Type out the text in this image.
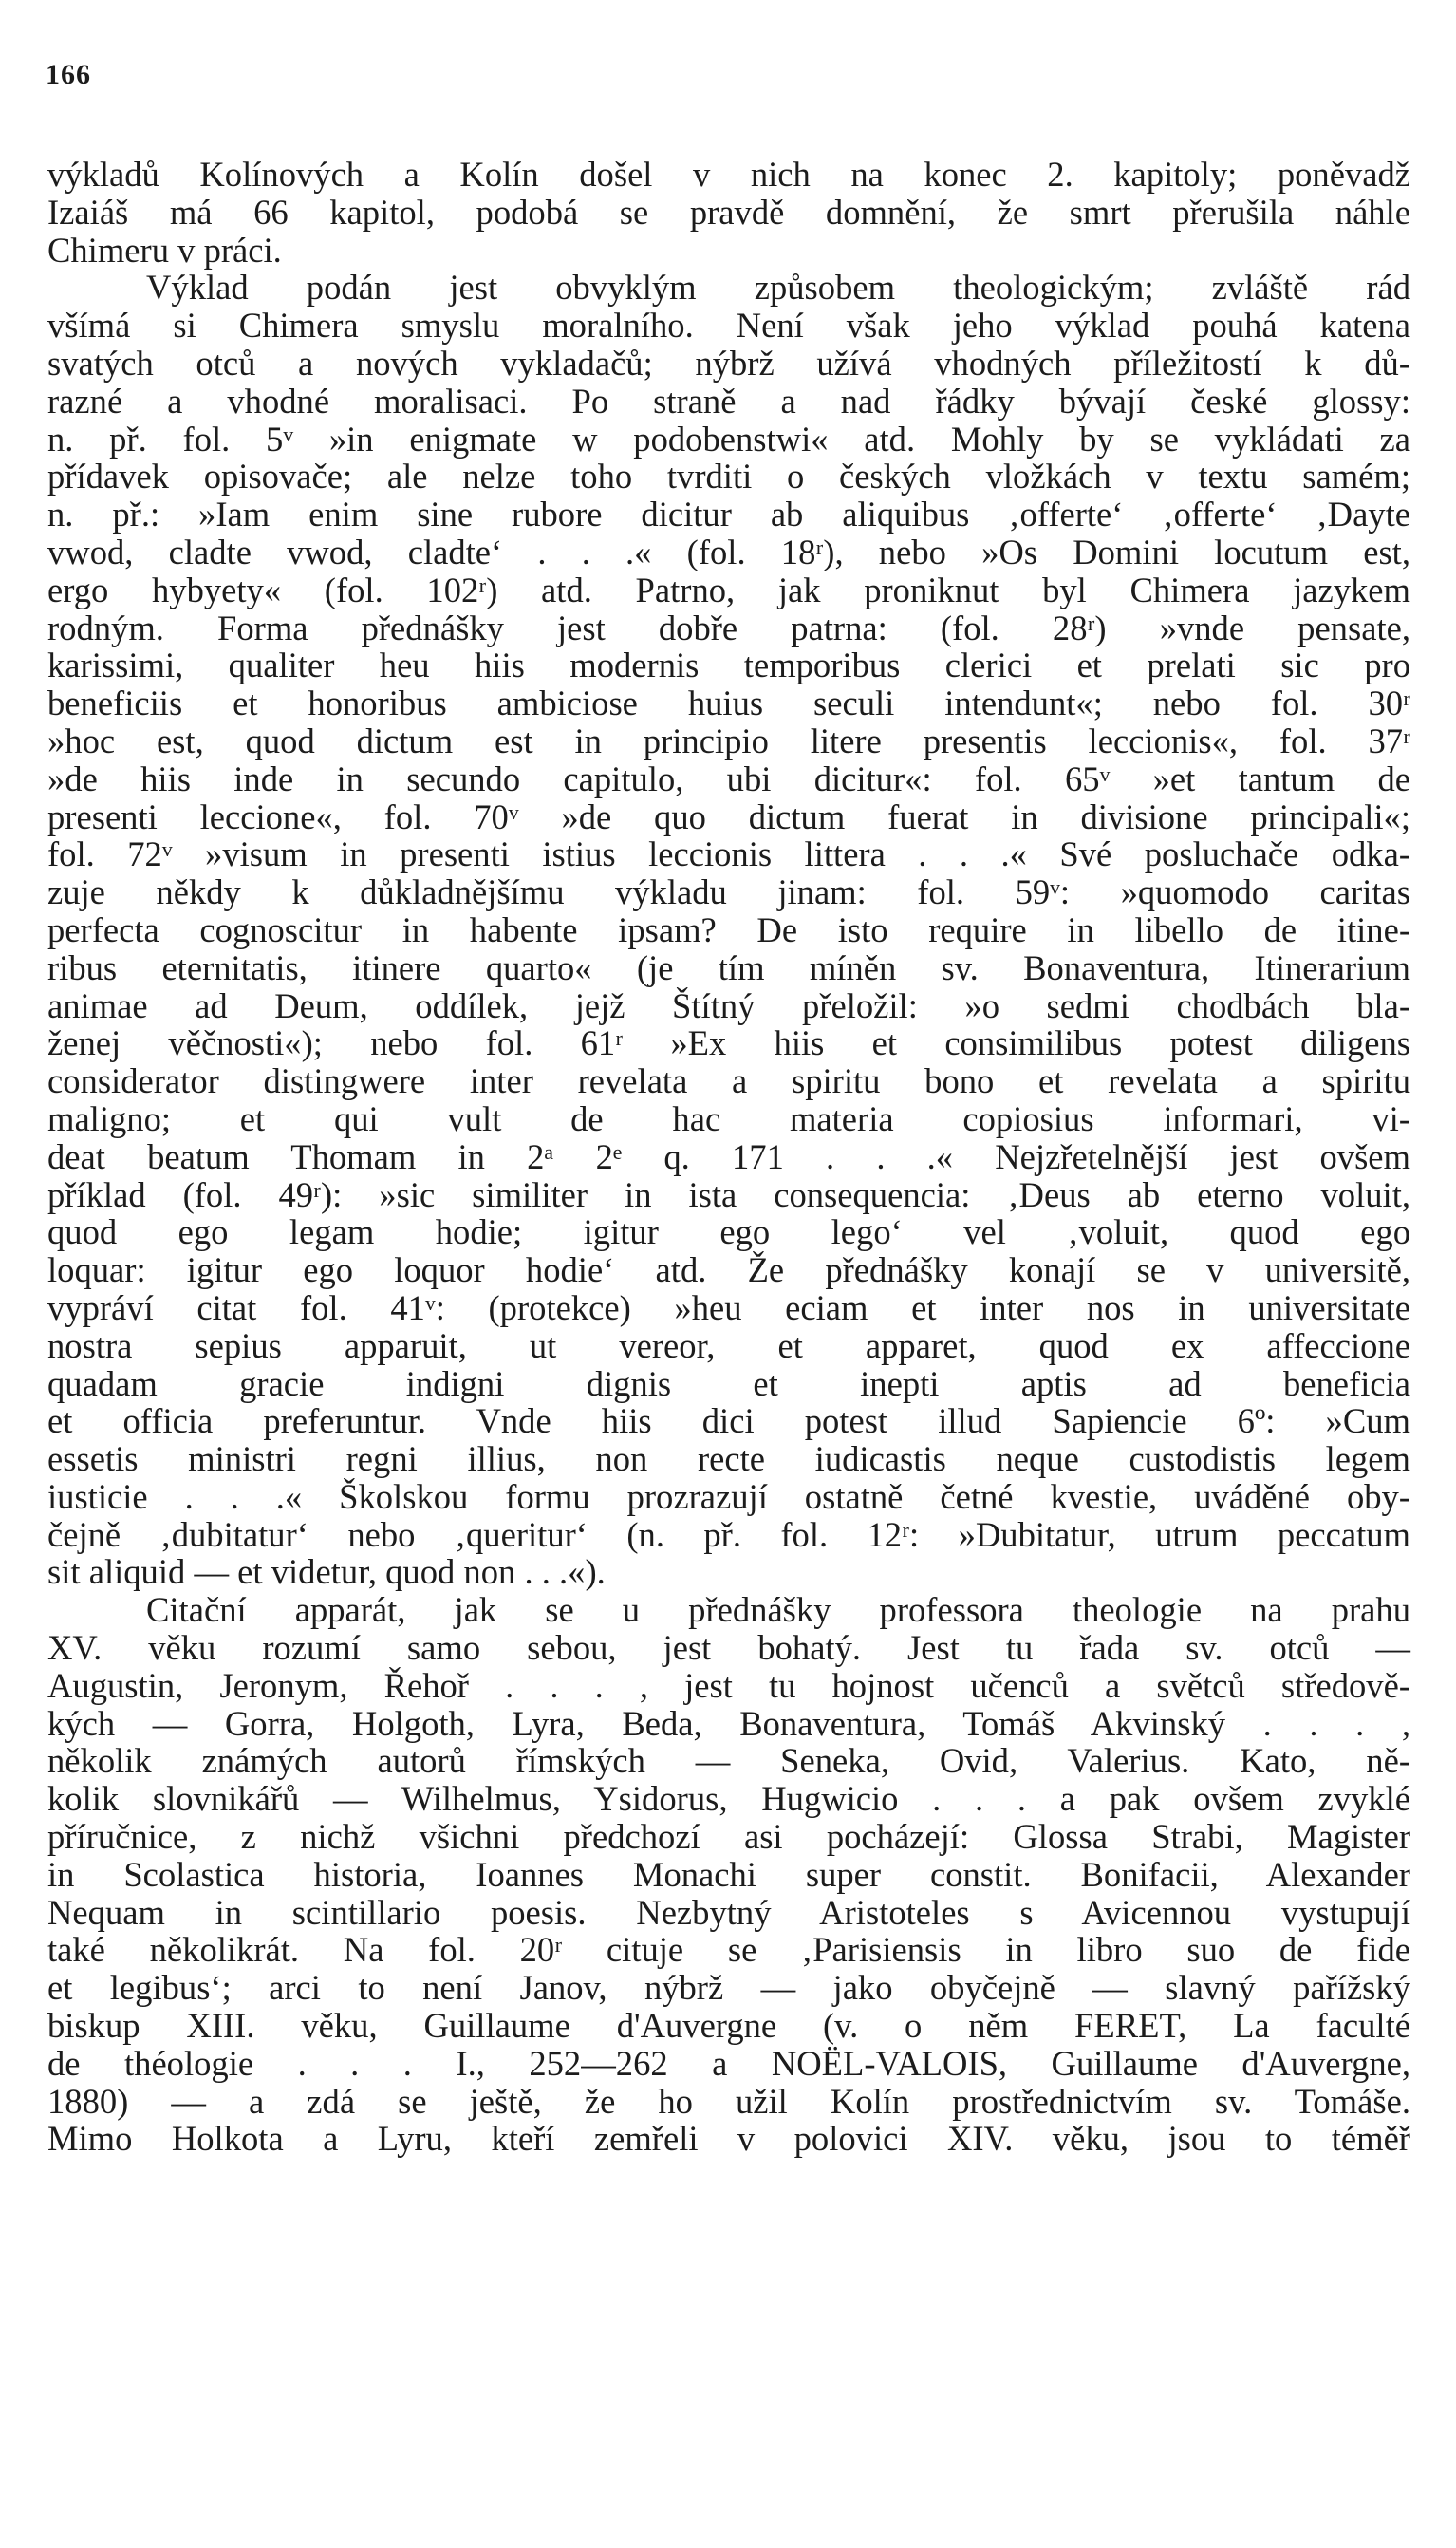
166
výkladů Kolínových a Kolín došel v nich na konec 2. kapitoly; poněvadž
Izaiáš má 66 kapitol, podobá se pravdě domnění, že smrt přerušila náhle
Chimeru v práci.
Výklad podán jest obvyklým způsobem theologickým; zvláště rád
všímá si Chimera smyslu moralního. Není však jeho výklad pouhá katena
svatých otců a nových vykladačů; nýbrž užívá vhodných příležitostí k dů-
razné a vhodné moralisaci. Po straně a nad řádky bývají české glossy:
n. př. fol. 5ᵛ »in enigmate w podobenstwi« atd. Mohly by se vykládati za
přídavek opisovače; ale nelze toho tvrditi o českých vložkách v textu samém;
n. př.: »Iam enim sine rubore dicitur ab aliquibus ‚offerte‘ ‚offerte‘ ‚Dayte
vwod, cladte vwod, cladte‘ . . .« (fol. 18ʳ), nebo »Os Domini locutum est,
ergo hybyety« (fol. 102ʳ) atd. Patrno, jak proniknut byl Chimera jazykem
rodným. Forma přednášky jest dobře patrna: (fol. 28ʳ) »vnde pensate,
karissimi, qualiter heu hiis modernis temporibus clerici et prelati sic pro
beneficiis et honoribus ambiciose huius seculi intendunt«; nebo fol. 30ʳ
»hoc est, quod dictum est in principio litere presentis leccionis«, fol. 37ʳ
»de hiis inde in secundo capitulo, ubi dicitur«: fol. 65ᵛ »et tantum de
presenti leccione«, fol. 70ᵛ »de quo dictum fuerat in divisione principali«;
fol. 72ᵛ »visum in presenti istius leccionis littera . . .« Své posluchače odka-
zuje někdy k důkladnějšímu výkladu jinam: fol. 59ᵛ: »quomodo caritas
perfecta cognoscitur in habente ipsam? De isto require in libello de itine-
ribus eternitatis, itinere quarto« (je tím míněn sv. Bonaventura, Itinerarium
animae ad Deum, oddílek, jejž Štítný přeložil: »o sedmi chodbách bla-
ženej věčnosti«); nebo fol. 61ʳ »Ex hiis et consimilibus potest diligens
considerator distingwere inter revelata a spiritu bono et revelata a spiritu
maligno; et qui vult de hac materia copiosius informari, vi-
deat beatum Thomam in 2ᵃ 2ᵉ q. 171 . . .« Nejzřetelnější jest ovšem
příklad (fol. 49ʳ): »sic similiter in ista consequencia: ‚Deus ab eterno voluit,
quod ego legam hodie; igitur ego lego‘ vel ‚voluit, quod ego
loquar: igitur ego loquor hodie‘ atd. Že přednášky konají se v universitě,
vypráví citat fol. 41ᵛ: (protekce) »heu eciam et inter nos in universitate
nostra sepius apparuit, ut vereor, et apparet, quod ex affeccione
quadam gracie indigni dignis et inepti aptis ad beneficia
et officia preferuntur. Vnde hiis dici potest illud Sapiencie 6º: »Cum
essetis ministri regni illius, non recte iudicastis neque custodistis legem
iusticie . . .« Školskou formu prozrazují ostatně četné kvestie, uváděné oby-
čejně ‚dubitatur‘ nebo ‚queritur‘ (n. př. fol. 12ʳ: »Dubitatur, utrum peccatum
sit aliquid — et videtur, quod non . . .«).
Citační apparát, jak se u přednášky professora theologie na prahu
XV. věku rozumí samo sebou, jest bohatý. Jest tu řada sv. otců —
Augustin, Jeronym, Řehoř . . . , jest tu hojnost učenců a světců středově-
kých — Gorra, Holgoth, Lyra, Beda, Bonaventura, Tomáš Akvinský . . . ,
několik známých autorů římských — Seneka, Ovid, Valerius. Kato, ně-
kolik slovnikářů — Wilhelmus, Ysidorus, Hugwicio . . . a pak ovšem zvyklé
příručnice, z nichž všichni předchozí asi pocházejí: Glossa Strabi, Magister
in Scolastica historia, Ioannes Monachi super constit. Bonifacii, Alexander
Nequam in scintillario poesis. Nezbytný Aristoteles s Avicennou vystupují
také několikrát. Na fol. 20ʳ cituje se ‚Parisiensis in libro suo de fide
et legibus‘; arci to není Janov, nýbrž — jako obyčejně — slavný pařížský
biskup XIII. věku, Guillaume d'Auvergne (v. o něm FERET, La faculté
de théologie . . . I., 252—262 a NOËL-VALOIS, Guillaume d'Auvergne,
1880) — a zdá se ještě, že ho užil Kolín prostřednictvím sv. Tomáše.
Mimo Holkota a Lyru, kteří zemřeli v polovici XIV. věku, jsou to téměř
